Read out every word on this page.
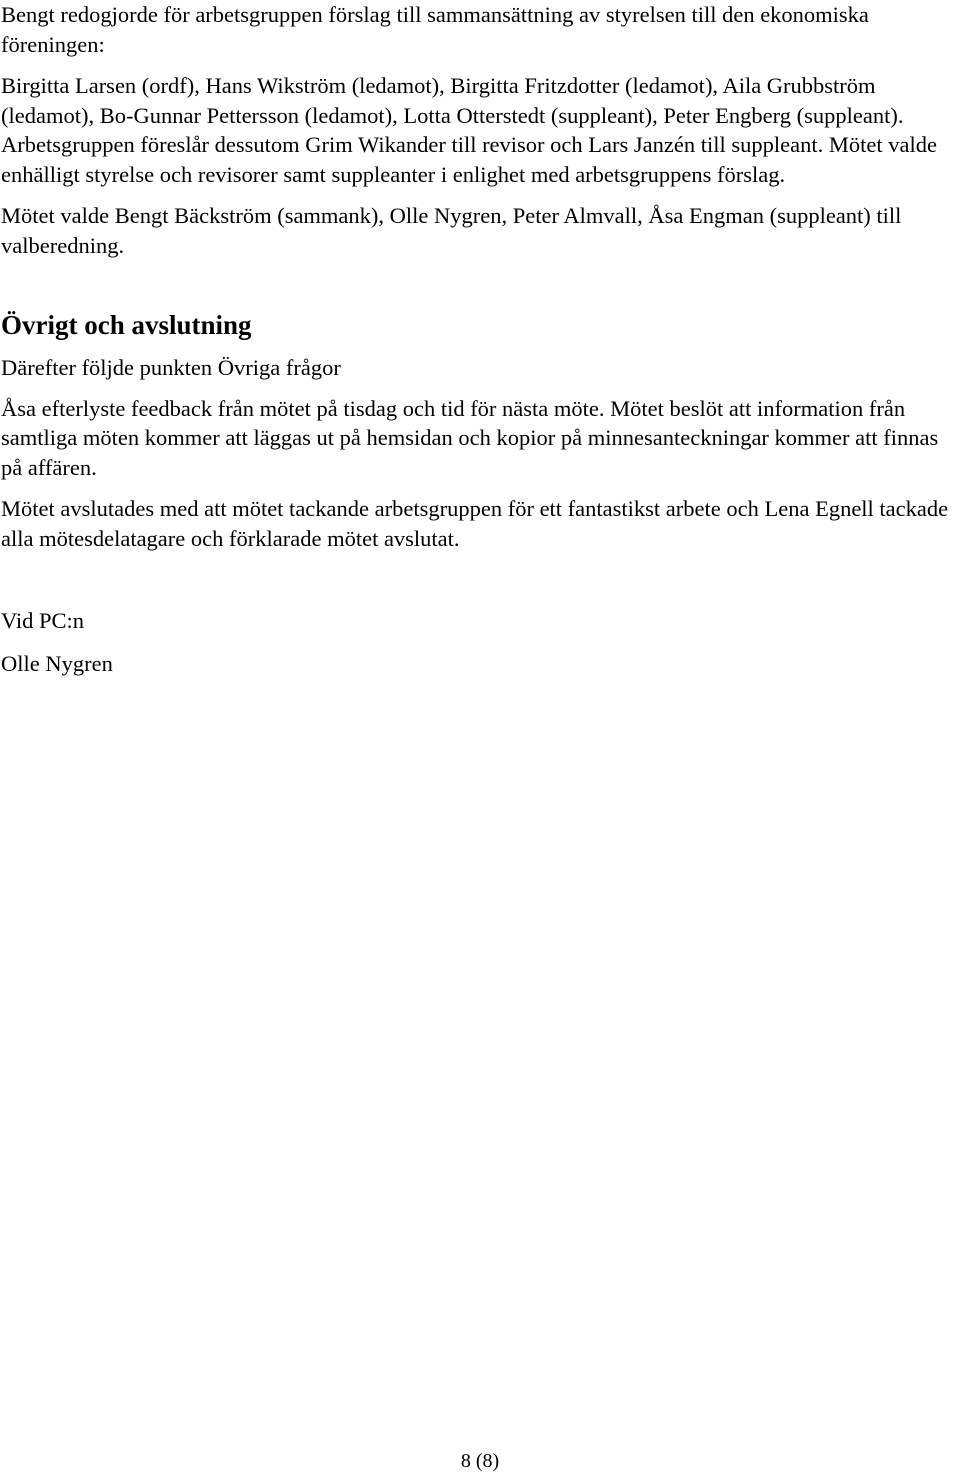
Bengt redogjorde för arbetsgruppen förslag till sammansättning av styrelsen till den ekonomiska föreningen:

Birgitta Larsen (ordf), Hans Wikström (ledamot), Birgitta Fritzdotter (ledamot), Aila Grubbström (ledamot), Bo-Gunnar Pettersson (ledamot), Lotta Otterstedt (suppleant), Peter Engberg (suppleant). Arbetsgruppen föreslår dessutom Grim Wikander till revisor och Lars Janzén till suppleant. Mötet valde enhälligt styrelse och revisorer samt suppleanter i enlighet med arbetsgruppens förslag.

Mötet valde Bengt Bäckström (sammank), Olle Nygren, Peter Almvall, Åsa Engman (suppleant) till valberedning.

Övrigt och avslutning

Därefter följde punkten Övriga frågor

Åsa efterlyste feedback från mötet på tisdag och tid för nästa möte. Mötet beslöt att information från samtliga möten kommer att läggas ut på hemsidan och kopior på minnesanteckningar kommer att finnas på affären.

Mötet avslutades med att mötet tackande arbetsgruppen för ett fantastikst arbete och Lena Egnell tackade alla mötesdelatagare och förklarade mötet avslutat.

Vid PC:n

Olle Nygren

8 (8)
